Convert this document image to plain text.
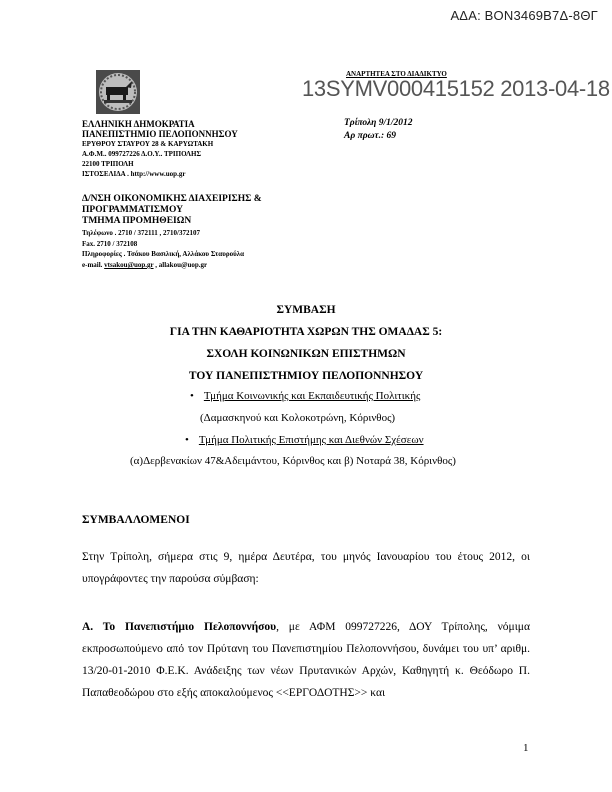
ΑΔΑ: ΒΟΝ3469Β7Δ-8ΘΓ
ΑΝΑΡΤΗΤΕΑ ΣΤΟ ΔΙΑΔΙΚΤΥΟ
13SYMV000415152 2013-04-18
ΕΛΛΗΝΙΚΗ ΔΗΜΟΚΡΑΤΙΑ
ΠΑΝΕΠΙΣΤΗΜΙΟ ΠΕΛΟΠΟΝΝΗΣΟΥ
ΕΡΥΘΡΟΥ ΣΤΑΥΡΟΥ 28 & ΚΑΡΥΩΤΑΚΗ
Α.Φ.Μ.. 099727226 Δ.Ο.Υ.. ΤΡΙΠΟΛΗΣ
22100 ΤΡΙΠΟΛΗ
ΙΣΤΟΣΕΛΙΔΑ . http://www.uop.gr
Δ/ΝΣΗ ΟΙΚΟΝΟΜΙΚΗΣ ΔΙΑΧΕΙΡΙΣΗΣ &
ΠΡΟΓΡΑΜΜΑΤΙΣΜΟΥ
ΤΜΗΜΑ ΠΡΟΜΗΘΕΙΩΝ
Τηλέφωνο . 2710 / 372111 , 2710/372107
Fax. 2710 / 372108
Πληροφορίες . Τσάκου Βασιλική, Αλλάκου Σταυρούλα
e-mail. vtsakou@uop.gr , allakou@uop.gr
Τρίπολη 9/1/2012
Αρ πρωτ.: 69
ΣΥΜΒΑΣΗ
ΓΙΑ ΤΗΝ ΚΑΘΑΡΙΟΤΗΤΑ ΧΩΡΩΝ ΤΗΣ ΟΜΑΔΑΣ 5:
ΣΧΟΛΗ ΚΟΙΝΩΝΙΚΩΝ ΕΠΙΣΤΗΜΩΝ
ΤΟΥ ΠΑΝΕΠΙΣΤΗΜΙΟΥ ΠΕΛΟΠΟΝΝΗΣΟΥ
• Τμήμα Κοινωνικής και Εκπαιδευτικής Πολιτικής
(Δαμασκηνού και Κολοκοτρώνη, Κόρινθος)
• Τμήμα Πολιτικής Επιστήμης και Διεθνών Σχέσεων
(α)Δερβενακίων 47&Αδειμάντου, Κόρινθος και β) Νοταρά 38, Κόρινθος)
ΣΥΜΒΑΛΛΟΜΕΝΟΙ
Στην Τρίπολη, σήμερα στις 9, ημέρα Δευτέρα, του μηνός Ιανουαρίου του έτους 2012, οι υπογράφοντες την παρούσα σύμβαση:
Α. Το Πανεπιστήμιο Πελοποννήσου, με ΑΦΜ 099727226, ΔΟΥ Τρίπολης, νόμιμα εκπροσωπούμενο από τον Πρύτανη του Πανεπιστημίου Πελοποννήσου, δυνάμει του υπ’ αριθμ. 13/20-01-2010 Φ.Ε.Κ. Ανάδειξης των νέων Πρυτανικών Αρχών, Καθηγητή κ. Θεόδωρο Π. Παπαθεοδώρου στο εξής αποκαλούμενος <<ΕΡΓΟΔΟΤΗΣ>> και
1
